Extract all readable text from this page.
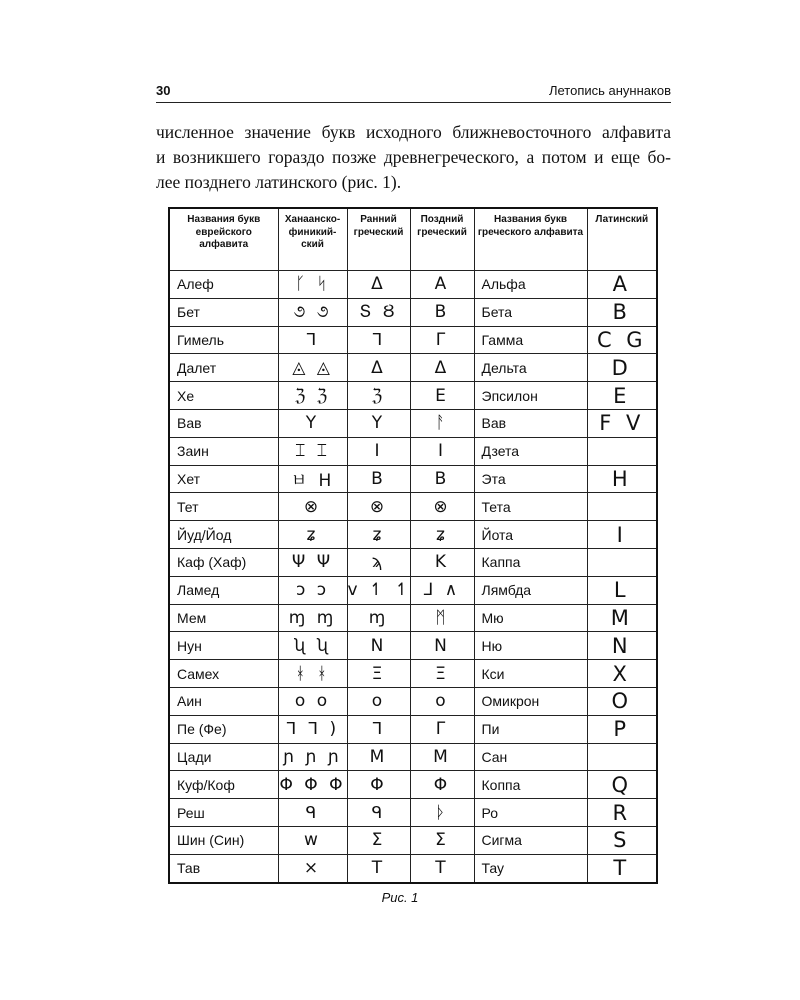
30	Летопись ануннаков
численное значение букв исходного ближневосточного алфавита
и возникшего гораздо позже древнегреческого, а потом и еще бо-
лее позднего латинского (рис. 1).
Названия букв еврейского алфавита	Ханаанско-финикий-ский	Ранний греческий	Поздний греческий	Названия букв греческого алфавита	Латинский
Алеф	ᚴ ᛋ	Δ	A	Альфа	A
Бет	૭ ૭	Տ Ȣ	B	Бета	B
Гимель	ᒣ	ᒣ	Γ	Гамма	C G
Далет	◬ ◬	Δ	Δ	Дельта	D
Хе	ℨ ℨ	ℨ	E	Эпсилон	E
Вав	Y	Y	ᚨ	Вав	F V
Заин	⌶ ⌶	I	I	Дзета	
Хет	ㅂ H	B	B	Эта	H
Тет	⊗	⊗	⊗	Тета	
Йуд/Йод	ʑ	ʑ	ʑ	Йота	I
Каф (Хаф)	Ψ Ψ	ϡ	K	Каппа	
Ламед	ↄ ↄ	v ↿ ↿	⅃ ∧	Лямбда	L
Мем	ɱ ɱ	ɱ	ᛗ	Мю	M
Нун	ʯ ʯ	N	N	Ню	N
Самех	ᚼ ᚼ	Ξ	Ξ	Кси	X
Аин	o o	o	o	Омикрон	O
Пе (Фе)	ᒣ ᒣ )	ᒣ	Γ	Пи	P
Цади	ɲ ɲ ɲ	M	M	Сан	
Куф/Коф	Φ Φ Φ	Φ	Φ	Коппа	Q
Реш	ᑫ	ᑫ	ᚦ	Ро	R
Шин (Син)	w	Σ	Σ	Сигма	S
Тав	×	T	T	Тау	T
Рис. 1
